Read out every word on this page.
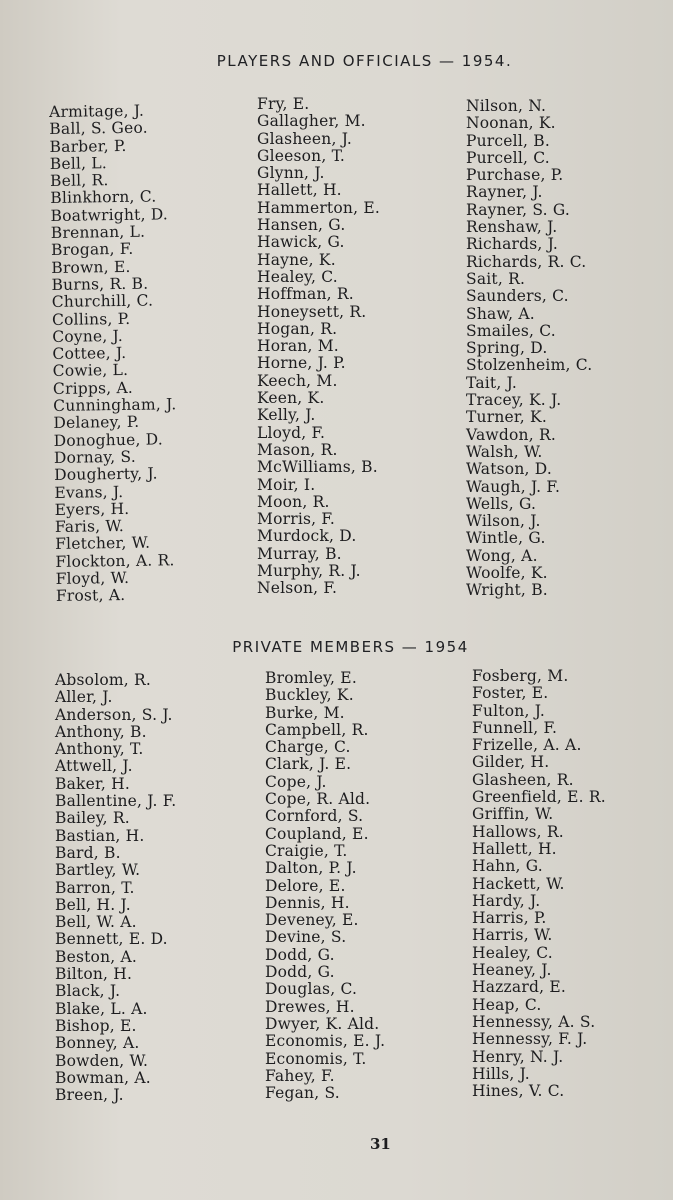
PLAYERS AND OFFICIALS — 1954.
Armitage, J.
Ball, S. Geo.
Barber, P.
Bell, L.
Bell, R.
Blinkhorn, C.
Boatwright, D.
Brennan, L.
Brogan, F.
Brown, E.
Burns, R. B.
Churchill, C.
Collins, P.
Coyne, J.
Cottee, J.
Cowie, L.
Cripps, A.
Cunningham, J.
Delaney, P.
Donoghue, D.
Dornay, S.
Dougherty, J.
Evans, J.
Eyers, H.
Faris, W.
Fletcher, W.
Flockton, A. R.
Floyd, W.
Frost, A.
Fry, E.
Gallagher, M.
Glasheen, J.
Gleeson, T.
Glynn, J.
Hallett, H.
Hammerton, E.
Hansen, G.
Hawick, G.
Hayne, K.
Healey, C.
Hoffman, R.
Honeysett, R.
Hogan, R.
Horan, M.
Horne, J. P.
Keech, M.
Keen, K.
Kelly, J.
Lloyd, F.
Mason, R.
McWilliams, B.
Moir, I.
Moon, R.
Morris, F.
Murdock, D.
Murray, B.
Murphy, R. J.
Nelson, F.
Nilson, N.
Noonan, K.
Purcell, B.
Purcell, C.
Purchase, P.
Rayner, J.
Rayner, S. G.
Renshaw, J.
Richards, J.
Richards, R. C.
Sait, R.
Saunders, C.
Shaw, A.
Smailes, C.
Spring, D.
Stolzenheim, C.
Tait, J.
Tracey, K. J.
Turner, K.
Vawdon, R.
Walsh, W.
Watson, D.
Waugh, J. F.
Wells, G.
Wilson, J.
Wintle, G.
Wong, A.
Woolfe, K.
Wright, B.
PRIVATE MEMBERS — 1954
Absolom, R.
Aller, J.
Anderson, S. J.
Anthony, B.
Anthony, T.
Attwell, J.
Baker, H.
Ballentine, J. F.
Bailey, R.
Bastian, H.
Bard, B.
Bartley, W.
Barron, T.
Bell, H. J.
Bell, W. A.
Bennett, E. D.
Beston, A.
Bilton, H.
Black, J.
Blake, L. A.
Bishop, E.
Bonney, A.
Bowden, W.
Bowman, A.
Breen, J.
Bromley, E.
Buckley, K.
Burke, M.
Campbell, R.
Charge, C.
Clark, J. E.
Cope, J.
Cope, R. Ald.
Cornford, S.
Coupland, E.
Craigie, T.
Dalton, P. J.
Delore, E.
Dennis, H.
Deveney, E.
Devine, S.
Dodd, G.
Dodd, G.
Douglas, C.
Drewes, H.
Dwyer, K. Ald.
Economis, E. J.
Economis, T.
Fahey, F.
Fegan, S.
Fosberg, M.
Foster, E.
Fulton, J.
Funnell, F.
Frizelle, A. A.
Gilder, H.
Glasheen, R.
Greenfield, E. R.
Griffin, W.
Hallows, R.
Hallett, H.
Hahn, G.
Hackett, W.
Hardy, J.
Harris, P.
Harris, W.
Healey, C.
Heaney, J.
Hazzard, E.
Heap, C.
Hennessy, A. S.
Hennessy, F. J.
Henry, N. J.
Hills, J.
Hines, V. C.
31
